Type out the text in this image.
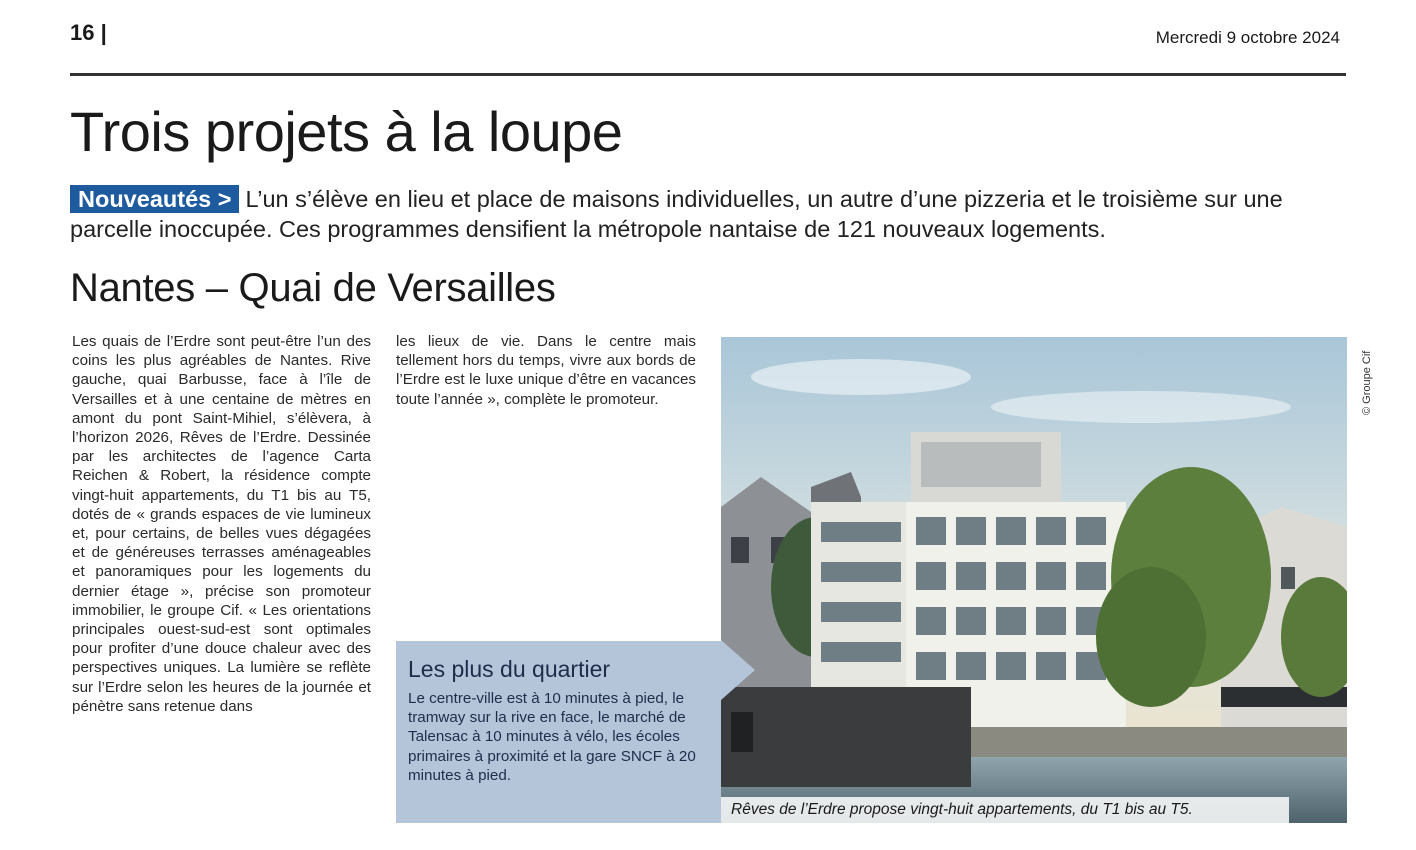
16 |	Mercredi 9 octobre 2024
Trois projets à la loupe
Nouveautés > L’un s’élève en lieu et place de maisons individuelles, un autre d’une pizzeria et le troisième sur une parcelle inoccupée. Ces programmes densifient la métropole nantaise de 121 nouveaux logements.
Nantes – Quai de Versailles
Les quais de l’Erdre sont peut-être l’un des coins les plus agréables de Nantes. Rive gauche, quai Barbusse, face à l’île de Versailles et à une centaine de mètres en amont du pont Saint-Mihiel, s’élèvera, à l’horizon 2026, Rêves de l’Erdre. Dessinée par les architectes de l’agence Carta Reichen & Robert, la résidence compte vingt-huit appartements, du T1 bis au T5, dotés de « grands espaces de vie lumineux et, pour certains, de belles vues dégagées et de généreuses terrasses aménageables et panoramiques pour les logements du dernier étage », précise son promoteur immobilier, le groupe Cif. « Les orientations principales ouest-sud-est sont optimales pour profiter d’une douce chaleur avec des perspectives uniques. La lumière se reflète sur l’Erdre selon les heures de la journée et pénètre sans retenue dans
les lieux de vie. Dans le centre mais tellement hors du temps, vivre aux bords de l’Erdre est le luxe unique d’être en vacances toute l’année », complète le promoteur.
Les plus du quartier
Le centre-ville est à 10 minutes à pied, le tramway sur la rive en face, le marché de Talensac à 10 minutes à vélo, les écoles primaires à proximité et la gare SNCF à 20 minutes à pied.
Rêves de l’Erdre propose vingt-huit appartements, du T1 bis au T5.
© Groupe Cif
